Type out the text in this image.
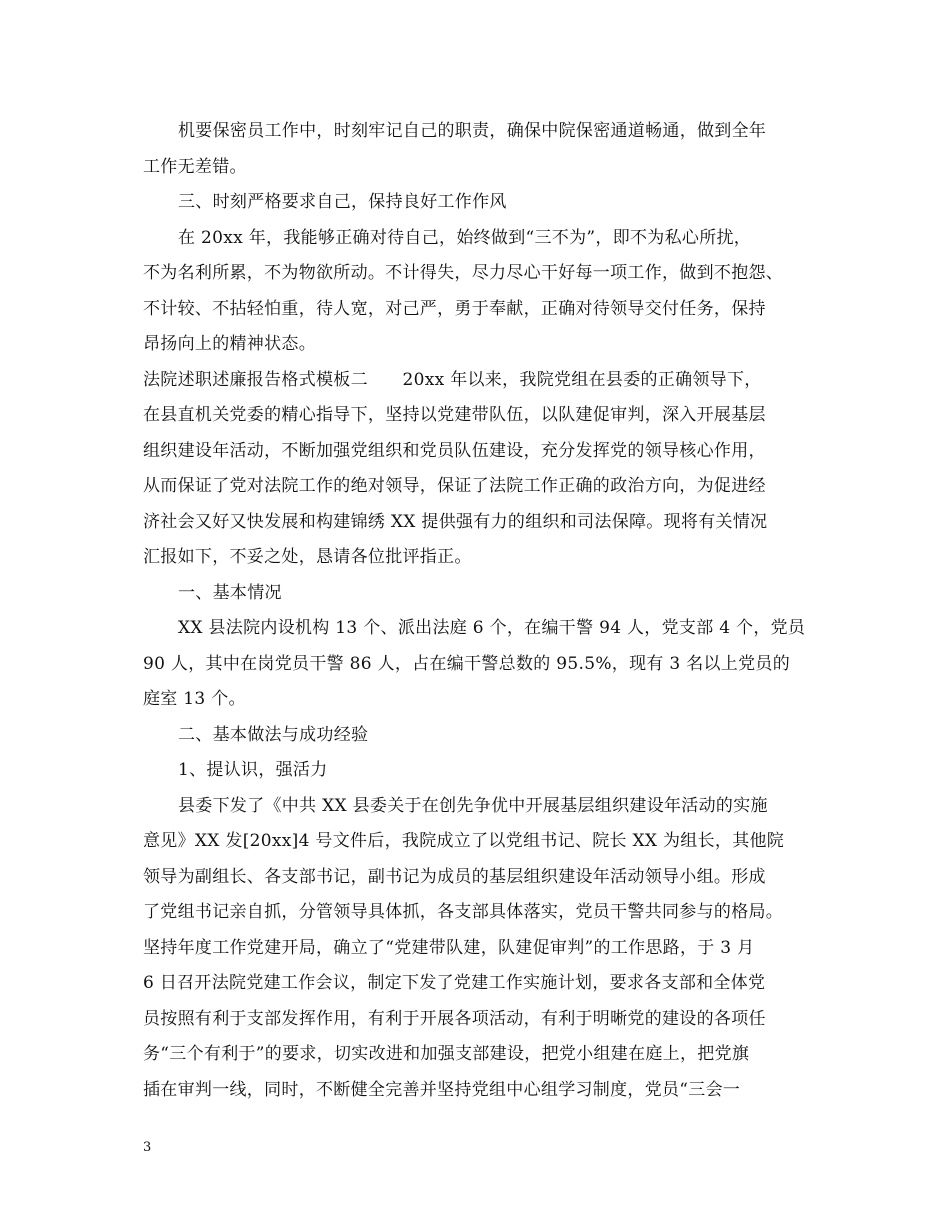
机要保密员工作中，时刻牢记自己的职责，确保中院保密通道畅通，做到全年
工作无差错。
三、时刻严格要求自己，保持良好工作作风
在 20xx 年，我能够正确对待自己，始终做到“三不为”，即不为私心所扰，
不为名利所累，不为物欲所动。不计得失，尽力尽心干好每一项工作，做到不抱怨、
不计较、不拈轻怕重，待人宽，对己严，勇于奉献，正确对待领导交付任务，保持
昂扬向上的精神状态。
法院述职述廉报告格式模板二　　20xx 年以来，我院党组在县委的正确领导下，
在县直机关党委的精心指导下，坚持以党建带队伍，以队建促审判，深入开展基层
组织建设年活动，不断加强党组织和党员队伍建设，充分发挥党的领导核心作用，
从而保证了党对法院工作的绝对领导，保证了法院工作正确的政治方向，为促进经
济社会又好又快发展和构建锦绣 XX 提供强有力的组织和司法保障。现将有关情况
汇报如下，不妥之处，恳请各位批评指正。
一、基本情况
XX 县法院内设机构 13 个、派出法庭 6 个，在编干警 94 人，党支部 4 个，党员
90 人，其中在岗党员干警 86 人，占在编干警总数的 95.5%，现有 3 名以上党员的
庭室 13 个。
二、基本做法与成功经验
1、提认识，强活力
县委下发了《中共 XX 县委关于在创先争优中开展基层组织建设年活动的实施
意见》XX 发[20xx]4 号文件后，我院成立了以党组书记、院长 XX 为组长，其他院
领导为副组长、各支部书记，副书记为成员的基层组织建设年活动领导小组。形成
了党组书记亲自抓，分管领导具体抓，各支部具体落实，党员干警共同参与的格局。
坚持年度工作党建开局，确立了“党建带队建，队建促审判”的工作思路，于 3 月
6 日召开法院党建工作会议，制定下发了党建工作实施计划，要求各支部和全体党
员按照有利于支部发挥作用，有利于开展各项活动，有利于明晰党的建设的各项任
务“三个有利于”的要求，切实改进和加强支部建设，把党小组建在庭上，把党旗
插在审判一线，同时，不断健全完善并坚持党组中心组学习制度，党员“三会一
3
